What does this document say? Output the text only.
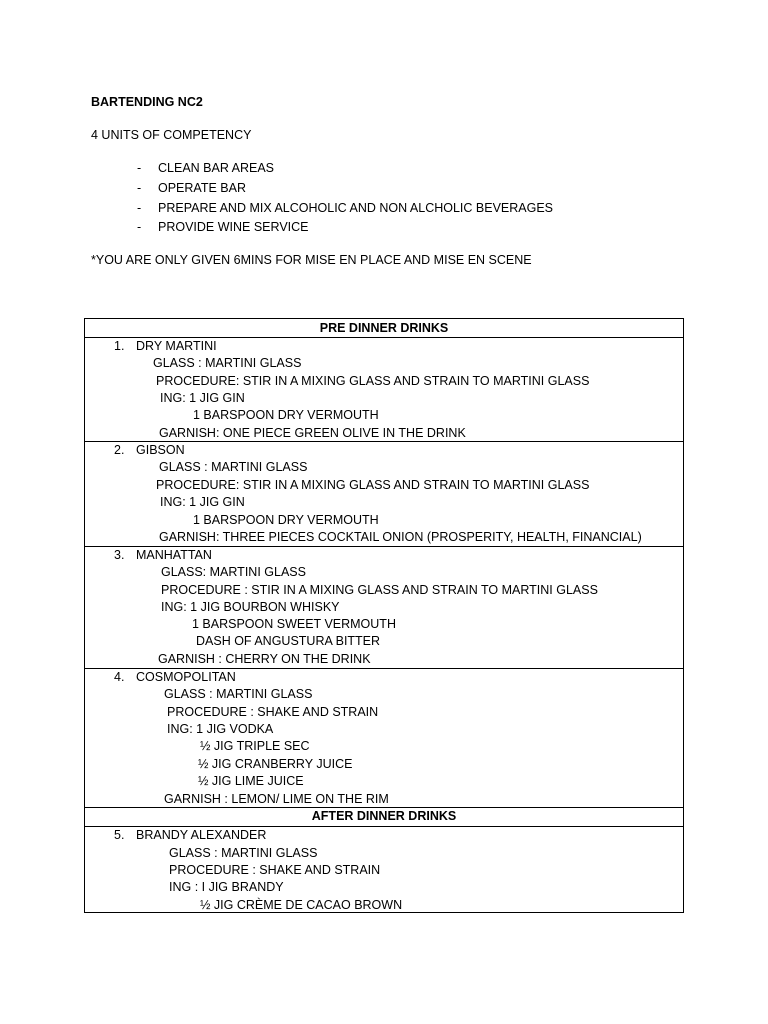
BARTENDING NC2
4 UNITS OF COMPETENCY
- CLEAN BAR AREAS
- OPERATE BAR
- PREPARE AND MIX ALCOHOLIC AND NON ALCHOLIC BEVERAGES
- PROVIDE WINE SERVICE
*YOU ARE ONLY GIVEN 6MINS FOR MISE EN PLACE AND MISE EN SCENE
PRE DINNER DRINKS
1. DRY MARTINI
GLASS : MARTINI GLASS
PROCEDURE: STIR IN A MIXING GLASS AND STRAIN TO MARTINI GLASS
ING: 1 JIG GIN
1 BARSPOON DRY VERMOUTH
GARNISH: ONE PIECE GREEN OLIVE IN THE DRINK
2. GIBSON
GLASS : MARTINI GLASS
PROCEDURE: STIR IN A MIXING GLASS AND STRAIN TO MARTINI GLASS
ING: 1 JIG GIN
1 BARSPOON DRY VERMOUTH
GARNISH: THREE PIECES COCKTAIL ONION (PROSPERITY, HEALTH, FINANCIAL)
3. MANHATTAN
GLASS: MARTINI GLASS
PROCEDURE : STIR IN A MIXING GLASS AND STRAIN TO MARTINI GLASS
ING: 1 JIG BOURBON WHISKY
1 BARSPOON SWEET VERMOUTH
DASH OF ANGUSTURA BITTER
GARNISH : CHERRY ON THE DRINK
4. COSMOPOLITAN
GLASS : MARTINI GLASS
PROCEDURE : SHAKE AND STRAIN
ING: 1 JIG VODKA
½ JIG TRIPLE SEC
½ JIG CRANBERRY JUICE
½ JIG LIME JUICE
GARNISH : LEMON/ LIME ON THE RIM
AFTER DINNER DRINKS
5. BRANDY ALEXANDER
GLASS : MARTINI GLASS
PROCEDURE : SHAKE AND STRAIN
ING : I JIG BRANDY
½ JIG CRÈME DE CACAO BROWN
